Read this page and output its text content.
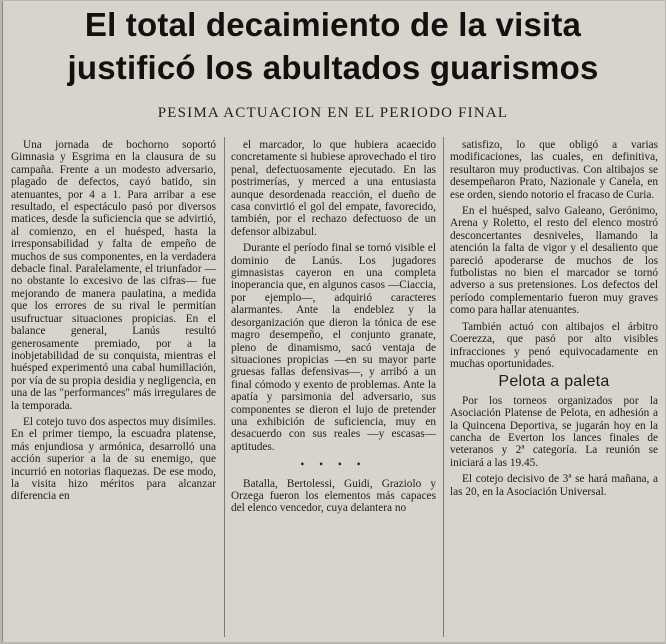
El total decaimiento de la visita
justificó los abultados guarismos
PESIMA ACTUACION EN EL PERIODO FINAL

Una jornada de bochorno soportó Gimnasia y Esgrima en la clausura de su campaña. Frente a un modesto adversario, plagado de defectos, cayó batido, sin atenuantes, por 4 a 1. Para arribar a ese resultado, el espectáculo pasó por diversos matices, desde la suficiencia que se advirtió, al comienzo, en el huésped, hasta la irresponsabilidad y falta de empeño de muchos de sus componentes, en la verdadera debacle final. Paralelamente, el triunfador —no obstante lo excesivo de las cifras— fue mejorando de manera paulatina, a medida que los errores de su rival le permitían usufructuar situaciones propicias. En el balance general, Lanús resultó generosamente premiado, por a la inobjetabilidad de su conquista, mientras el huésped experimentó una cabal humillación, por vía de su propia desidia y negligencia, en una de las "performances" más irregulares de la temporada.

El cotejo tuvo dos aspectos muy disímiles. En el primer tiempo, la escuadra platense, más enjundiosa y armónica, desarrolló una acción superior a la de su enemigo, que incurrió en notorias flaquezas. De ese modo, la visita hizo méritos para alcanzar diferencia en

el marcador, lo que hubiera acaecido concretamente si hubiese aprovechado el tiro penal, defectuosamente ejecutado. En las postrimerías, y merced a una entusiasta aunque desordenada reacción, el dueño de casa convirtió el gol del empate, favorecido, también, por el rechazo defectuoso de un defensor albizabul.

Durante el período final se tornó visible el dominio de Lanús. Los jugadores gimnasistas cayeron en una completa inoperancia que, en algunos casos —Ciaccia, por ejemplo—, adquirió caracteres alarmantes. Ante la endeblez y la desorganización que dieron la tónica de ese magro desempeño, el conjunto granate, pleno de dinamismo, sacó ventaja de situaciones propicias —en su mayor parte gruesas fallas defensivas—, y arribó a un final cómodo y exento de problemas. Ante la apatía y parsimonia del adversario, sus componentes se dieron el lujo de pretender una exhibición de suficiencia, muy en desacuerdo con sus reales —y escasas— aptitudes.

• • • •

Batalla, Bertolessi, Guidi, Graziolo y Orzega fueron los elementos más capaces del elenco vencedor, cuya delantera no

satisfizo, lo que obligó a varias modificaciones, las cuales, en definitiva, resultaron muy productivas. Con altibajos se desempeñaron Prato, Nazionale y Canela, en ese orden, siendo notorio el fracaso de Curia.

En el huésped, salvo Galeano, Gerónimo, Arena y Roletto, el resto del elenco mostró desconcertantes desniveles, llamando la atención la falta de vigor y el desaliento que pareció apoderarse de muchos de los futbolistas no bien el marcador se tornó adverso a sus pretensiones. Los defectos del período complementario fueron muy graves como para hallar atenuantes.

También actuó con altibajos el árbitro Coerezza, que pasó por alto visibles infracciones y penó equivocadamente en muchas oportunidades.

Pelota a paleta

Por los torneos organizados por la Asociación Platense de Pelota, en adhesión a la Quincena Deportiva, se jugarán hoy en la cancha de Everton los lances finales de veteranos y 2ª categoría. La reunión se iniciará a las 19.45.

El cotejo decisivo de 3ª se hará mañana, a las 20, en la Asociación Universal.
